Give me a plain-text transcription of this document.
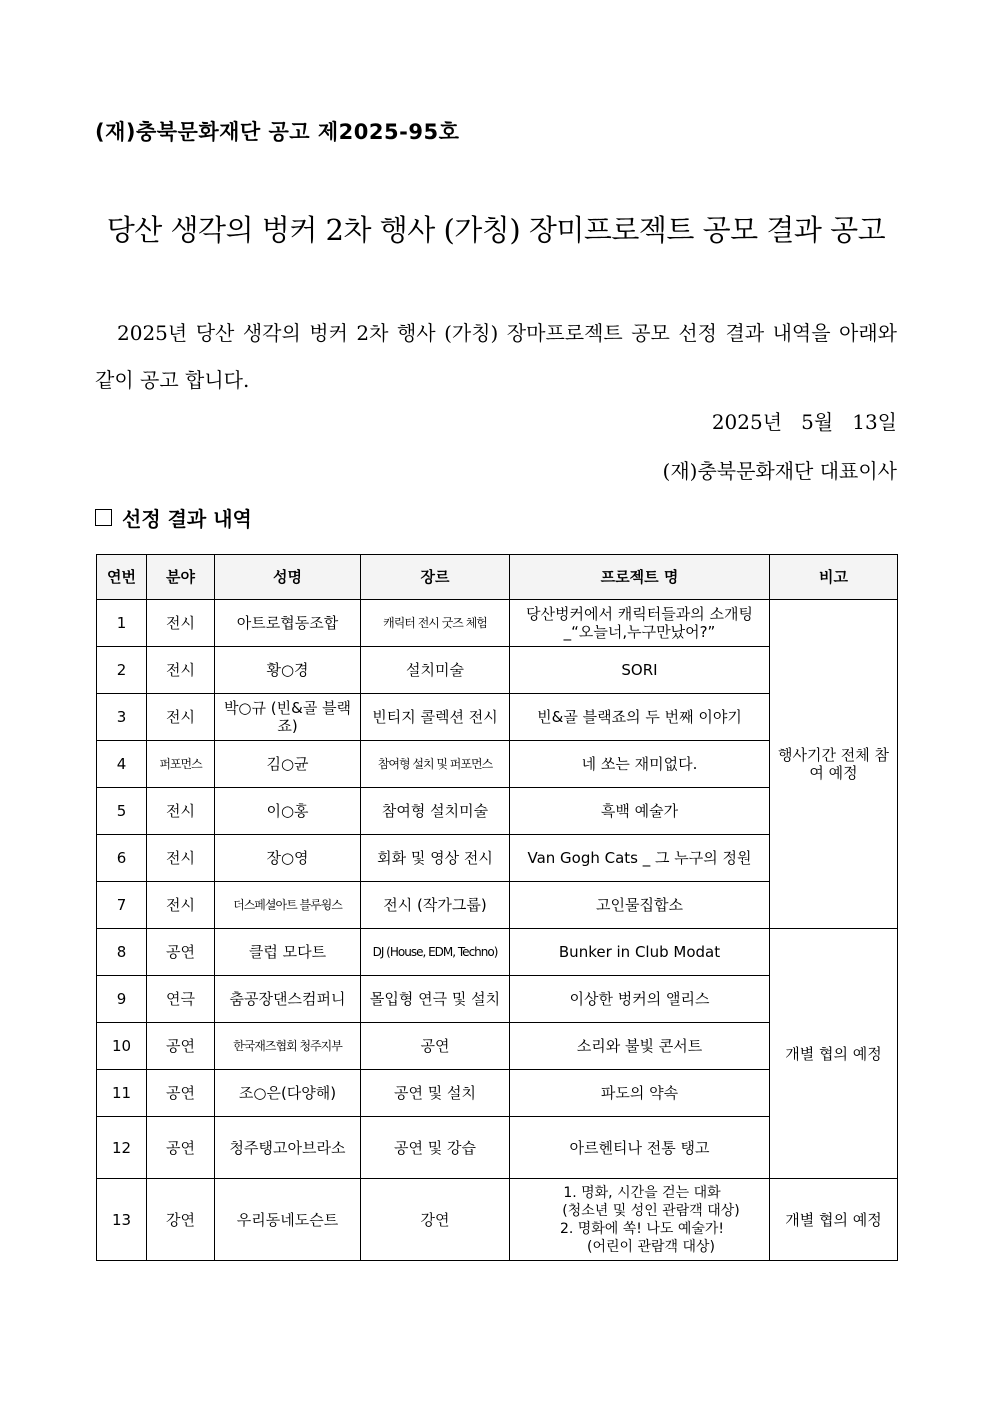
(재)충북문화재단 공고 제2025-95호
당산 생각의 벙커 2차 행사 (가칭) 장미프로젝트 공모 결과 공고
2025년 당산 생각의 벙커 2차 행사 (가칭) 장마프로젝트 공모 선정 결과 내역을 아래와 같이 공고 합니다.
2025년   5월   13일
(재)충북문화재단 대표이사
선정 결과 내역
연번	분야	성명	장르	프로젝트 명	비고
1	전시	아트로협동조합	캐릭터 전시 굿즈 체험	당산벙커에서 캐릭터들과의 소개팅 _“오늘너,누구만났어?”	행사기간 전체 참여 예정
2	전시	황○경	설치미술	SORI	
3	전시	박○규 (빈&골 블랙죠)	빈티지 콜렉션 전시	빈&골 블랙죠의 두 번째 이야기	
4	퍼포먼스	김○균	참여형 설치 및 퍼포먼스	네 쏘는 재미없다.	
5	전시	이○홍	참여형 설치미술	흑백 예술가	
6	전시	장○영	회화 및 영상 전시	Van Gogh Cats _ 그 누구의 정원	
7	전시	더스페셜아트 블루윙스	전시 (작가그룹)	고인물집합소	
8	공연	클럽 모다트	DJ (House, EDM, Techno)	Bunker in Club Modat	개별 협의 예정
9	연극	춤공장댄스컴퍼니	몰입형 연극 및 설치	이상한 벙커의 앨리스	
10	공연	한국재즈협회 청주지부	공연	소리와 불빛 콘서트	
11	공연	조○은(다양해)	공연 및 설치	파도의 약속	
12	공연	청주탱고아브라소	공연 및 강습	아르헨티나 전통 탱고	
13	강연	우리동네도슨트	강연	1. 명화, 시간을 걷는 대화
(청소년 및 성인 관람객 대상)
2. 명화에 쏙! 나도 예술가!
(어린이 관람객 대상)	개별 협의 예정
